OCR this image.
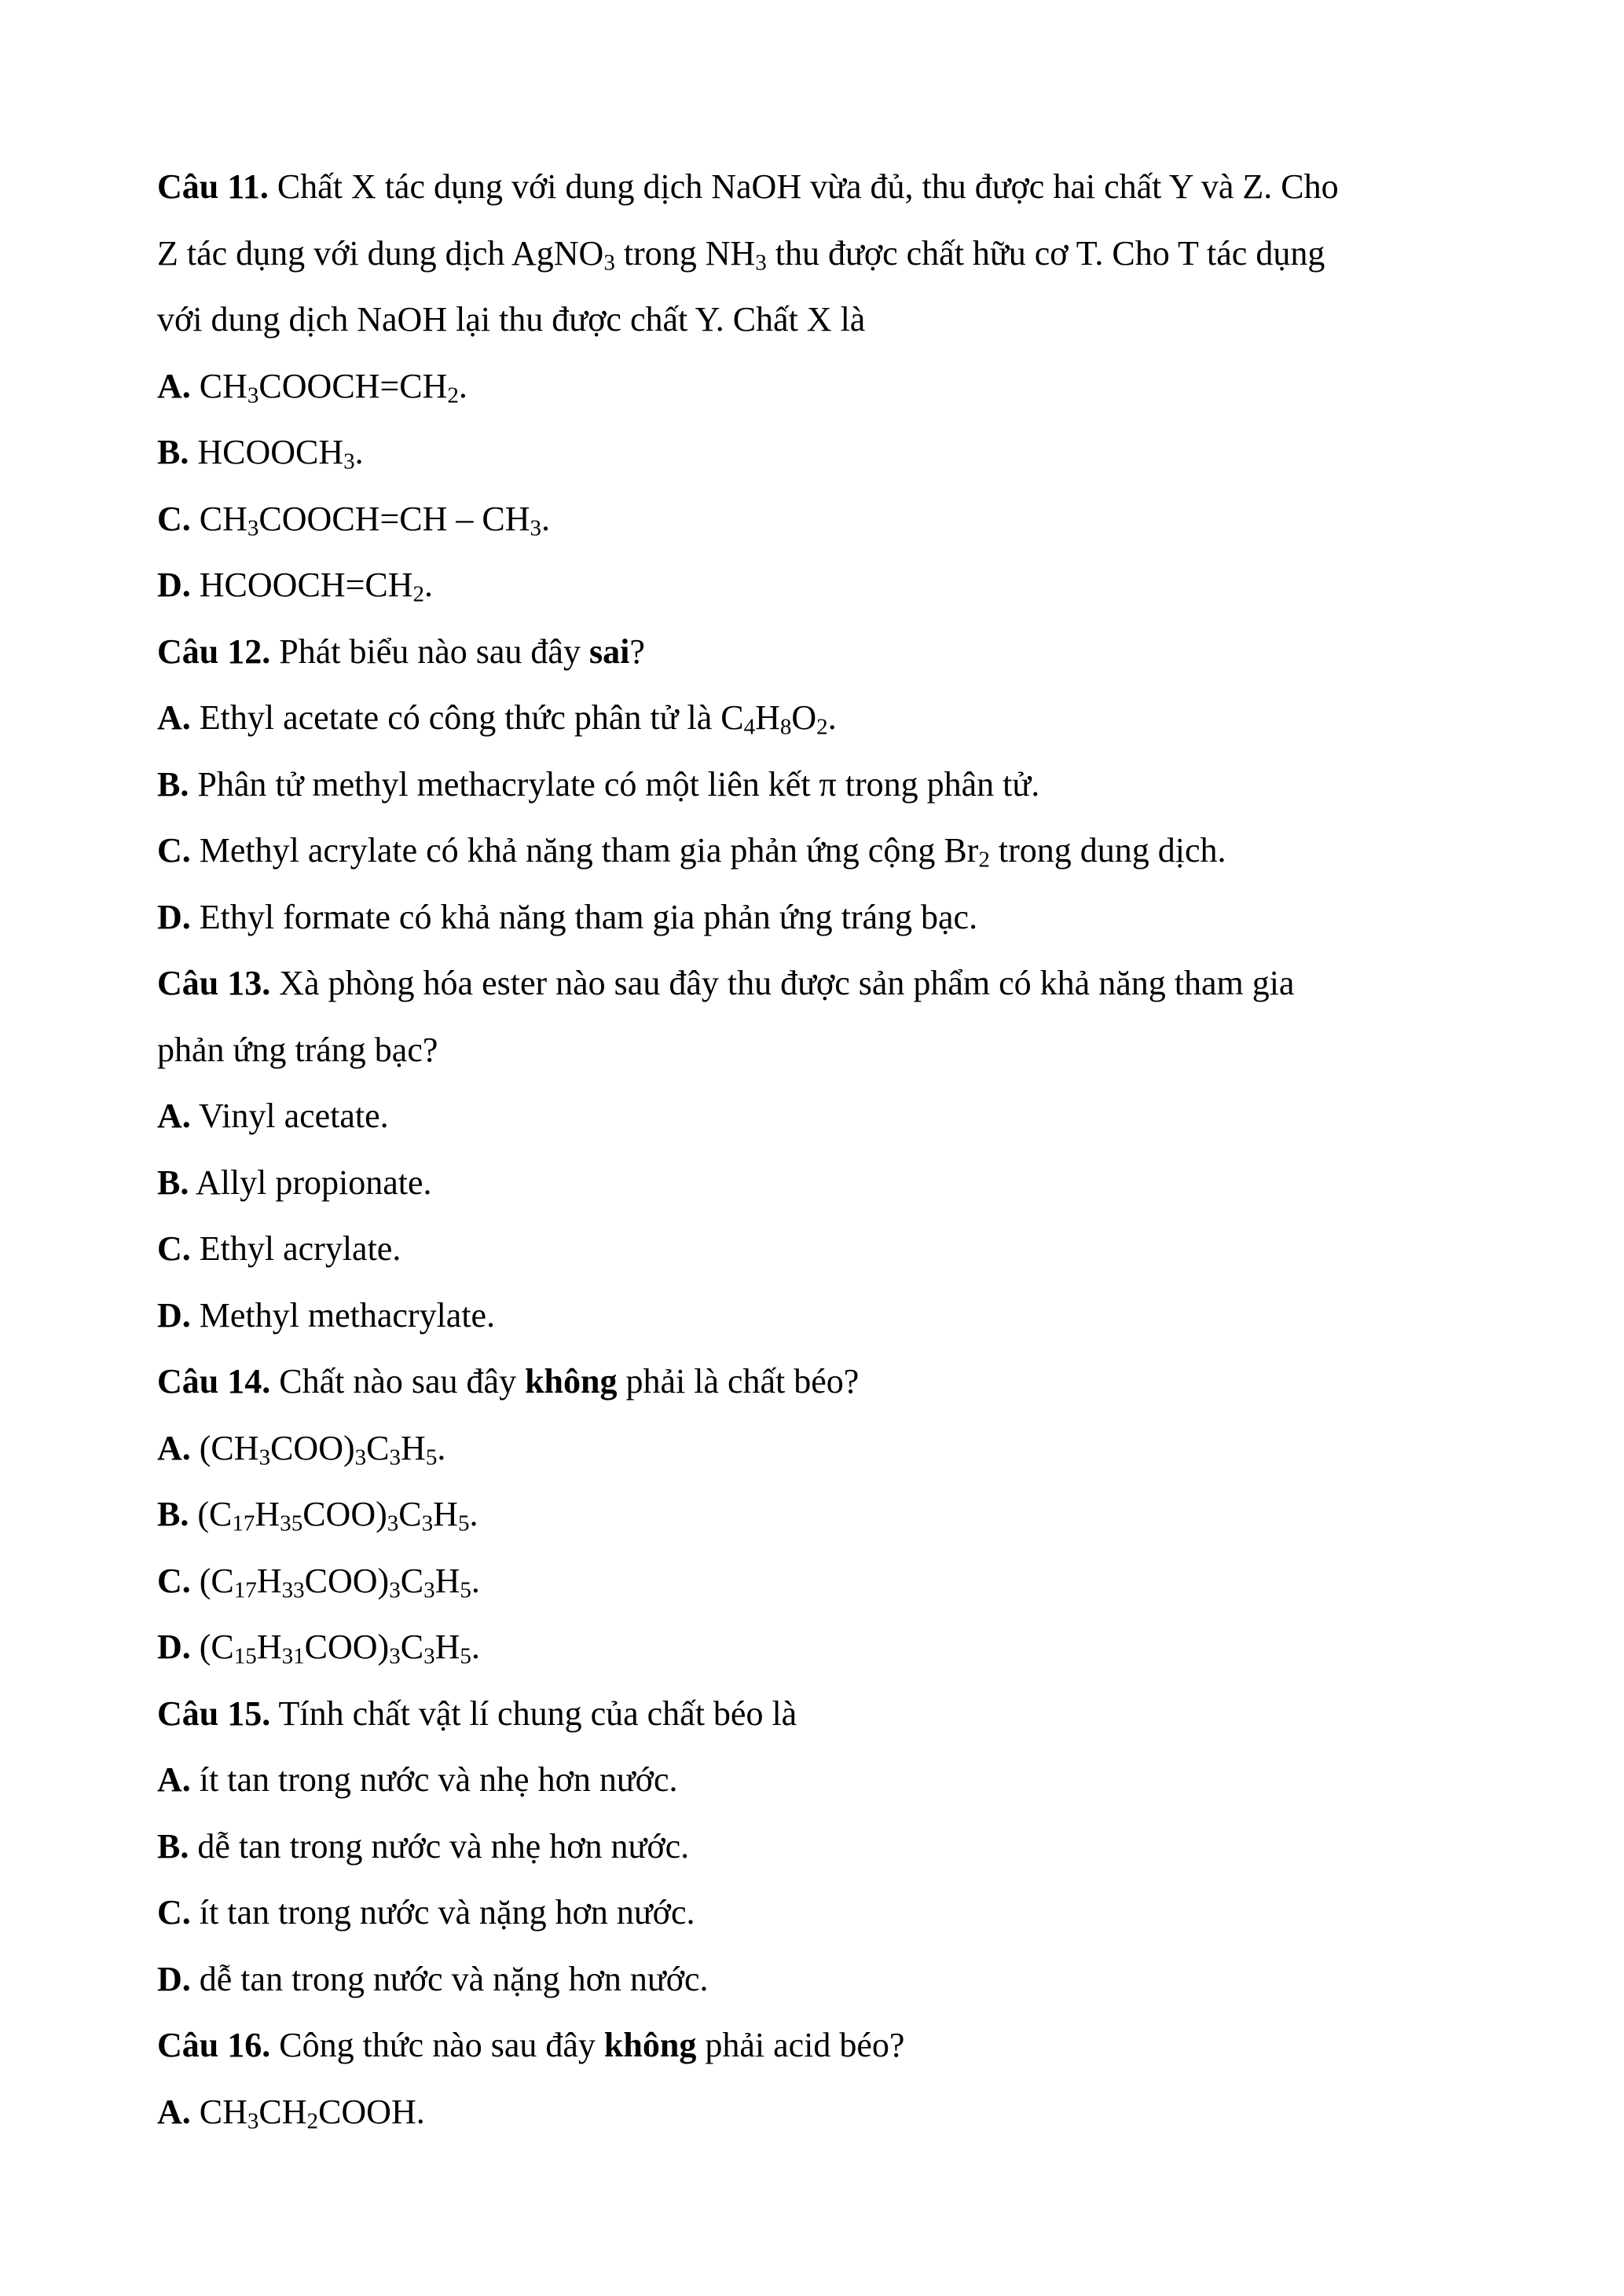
Câu 11. Chất X tác dụng với dung dịch NaOH vừa đủ, thu được hai chất Y và Z. Cho
Z tác dụng với dung dịch AgNO$_3$ trong $NH_3$ thu được chất hữu cơ T. Cho T tác dụng
với dung dịch NaOH lại thu được chất Y. Chất X là
A. $CH_3COOCH=CH_2$.
B. $HCOOCH_3$.
C. $CH_3COOCH=CH - CH_3$.
D. $HCOOCH=CH_2$.
Câu 12. Phát biểu nào sau đây sai?
A. Ethyl acetate có công thức phân tử là $C_4H_8O_2$.
B. Phân tử methyl methacrylate có một liên kết π trong phân tử.
C. Methyl acrylate có khả năng tham gia phản ứng cộng $Br_2$ trong dung dịch.
D. Ethyl formate có khả năng tham gia phản ứng tráng bạc.
Câu 13. Xà phòng hóa ester nào sau đây thu được sản phẩm có khả năng tham gia
phản ứng tráng bạc?
A. Vinyl acetate.
B. Allyl propionate.
C. Ethyl acrylate.
D. Methyl methacrylate.
Câu 14. Chất nào sau đây không phải là chất béo?
A. $(CH_3COO)_3C_3H_5$.
B. $(C_{17}H_{35}COO)_3C_3H_5$.
C. $(C_{17}H_{33}COO)_3C_3H_5$.
D. $(C_{15}H_{31}COO)_3C_3H_5$.
Câu 15. Tính chất vật lí chung của chất béo là
A. ít tan trong nước và nhẹ hơn nước.
B. dễ tan trong nước và nhẹ hơn nước.
C. ít tan trong nước và nặng hơn nước.
D. dễ tan trong nước và nặng hơn nước.
Câu 16. Công thức nào sau đây không phải acid béo?
A. $CH_3CH_2COOH$.
